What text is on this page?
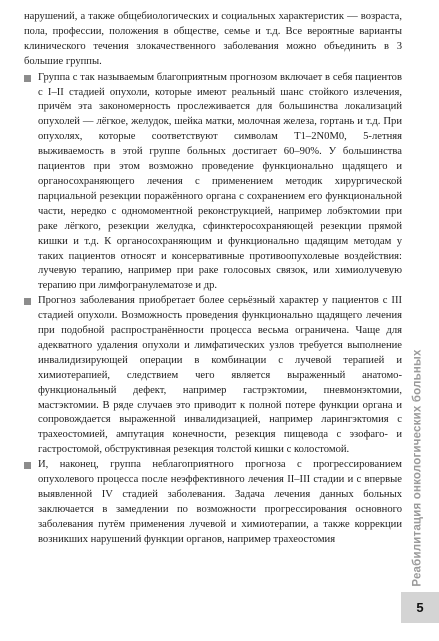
нарушений, а также общебиологических и социальных характеристик — возраста, пола, профессии, положения в обществе, семье и т.д. Все вероятные варианты клинического течения злокачественного заболевания можно объединить в 3 большие группы.

Группа с так называемым благоприятным прогнозом включает в себя пациентов с I–II стадией опухоли, которые имеют реальный шанс стойкого излечения, причём эта закономерность прослеживается для большинства локализаций опухолей — лёгкое, желудок, шейка матки, молочная железа, гортань и т.д. При опухолях, которые соответствуют символам T1–2N0M0, 5-летняя выживаемость в этой группе больных достигает 60–90%. У большинства пациентов при этом возможно проведение функционально щадящего и органосохраняющего лечения с применением методик хирургической парциальной резекции поражённого органа с сохранением его функциональной части, нередко с одномоментной реконструкцией, например лобэктомии при раке лёгкого, резекции желудка, сфинктеросохраняющей резекции прямой кишки и т.д. К органосохраняющим и функционально щадящим методам у таких пациентов относят и консервативные противоопухолевые воздействия: лучевую терапию, например при раке голосовых связок, или химиолучевую терапию при лимфогранулематозе и др.

Прогноз заболевания приобретает более серьёзный характер у пациентов с III стадией опухоли. Возможность проведения функционально щадящего лечения при подобной распространённости процесса весьма ограничена. Чаще для адекватного удаления опухоли и лимфатических узлов требуется выполнение инвалидизирующей операции в комбинации с лучевой терапией и химиотерапией, следствием чего является выраженный анатомо-функциональный дефект, например гастрэктомии, пневмонэктомии, мастэктомии. В ряде случаев это приводит к полной потере функции органа и сопровождается выраженной инвалидизацией, например ларингэктомия с трахеостомией, ампутация конечности, резекция пищевода с эзофаго- и гастростомой, обструктивная резекция толстой кишки с колостомой.

И, наконец, группа неблагоприятного прогноза с прогрессированием опухолевого процесса после неэффективного лечения II–III стадии и с впервые выявленной IV стадией заболевания. Задача лечения данных больных заключается в замедлении по возможности прогрессирования основного заболевания путём применения лучевой и химиотерапии, а также коррекции возникших нарушений функции органов, например трахеостомия	Реабилитация онкологических больных
5
